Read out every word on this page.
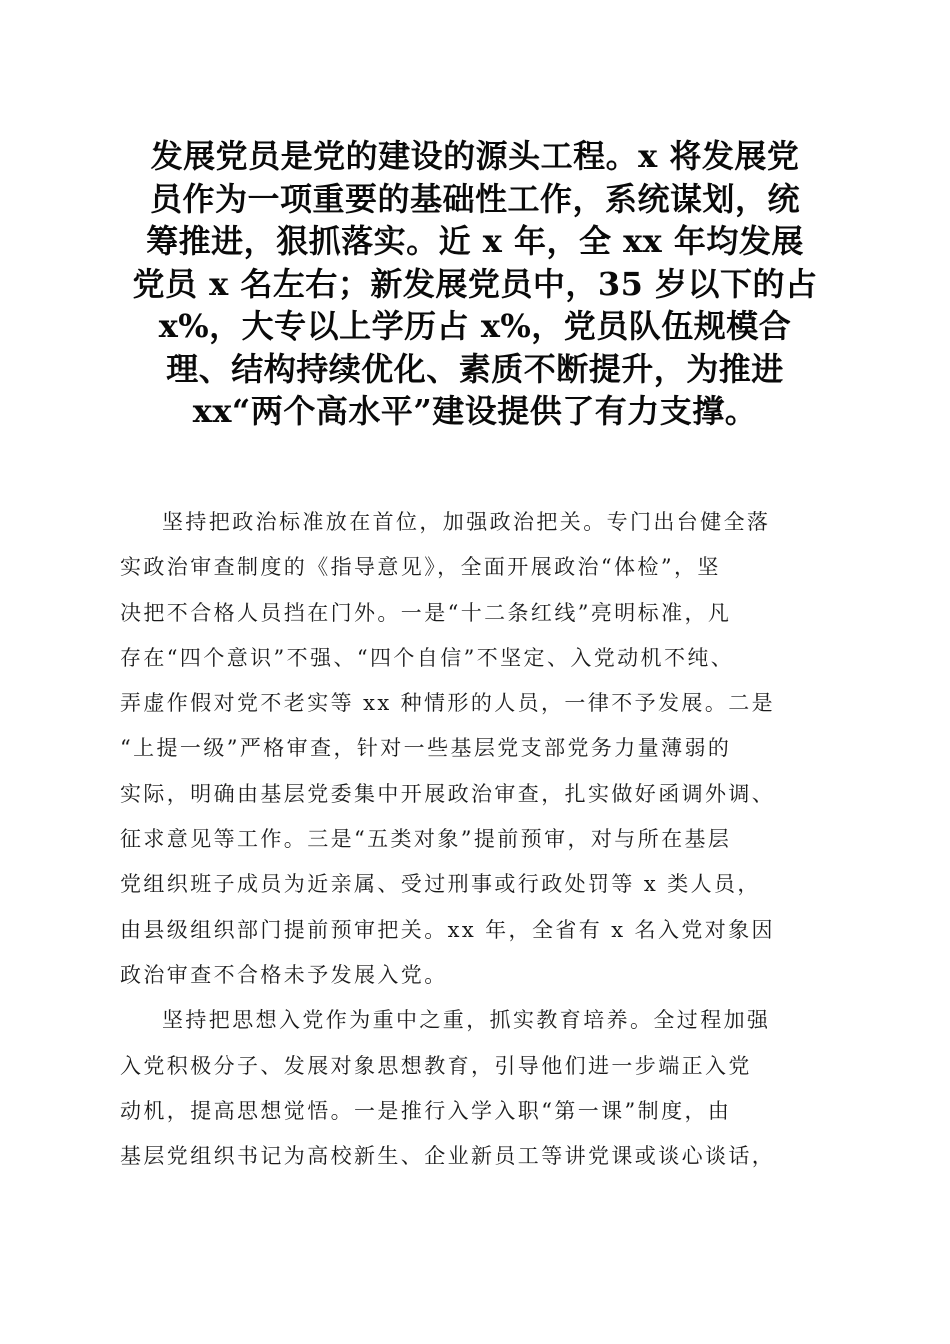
发展党员是党的建设的源头工程。x 将发展党
员作为一项重要的基础性工作，系统谋划，统
筹推进，狠抓落实。近 x 年，全 xx 年均发展
党员 x 名左右；新发展党员中，35 岁以下的占
x%，大专以上学历占 x%，党员队伍规模合
理、结构持续优化、素质不断提升，为推进
xx“两个高水平”建设提供了有力支撑。
坚持把政治标准放在首位，加强政治把关。专门出台健全落
实政治审查制度的《指导意见》，全面开展政治“体检”，坚
决把不合格人员挡在门外。一是“十二条红线”亮明标准，凡
存在“四个意识”不强、“四个自信”不坚定、入党动机不纯、
弄虚作假对党不老实等 xx 种情形的人员，一律不予发展。二是
“上提一级”严格审查，针对一些基层党支部党务力量薄弱的
实际，明确由基层党委集中开展政治审查，扎实做好函调外调、
征求意见等工作。三是“五类对象”提前预审，对与所在基层
党组织班子成员为近亲属、受过刑事或行政处罚等 x 类人员，
由县级组织部门提前预审把关。xx 年，全省有 x 名入党对象因
政治审查不合格未予发展入党。
坚持把思想入党作为重中之重，抓实教育培养。全过程加强
入党积极分子、发展对象思想教育，引导他们进一步端正入党
动机，提高思想觉悟。一是推行入学入职“第一课”制度，由
基层党组织书记为高校新生、企业新员工等讲党课或谈心谈话，
